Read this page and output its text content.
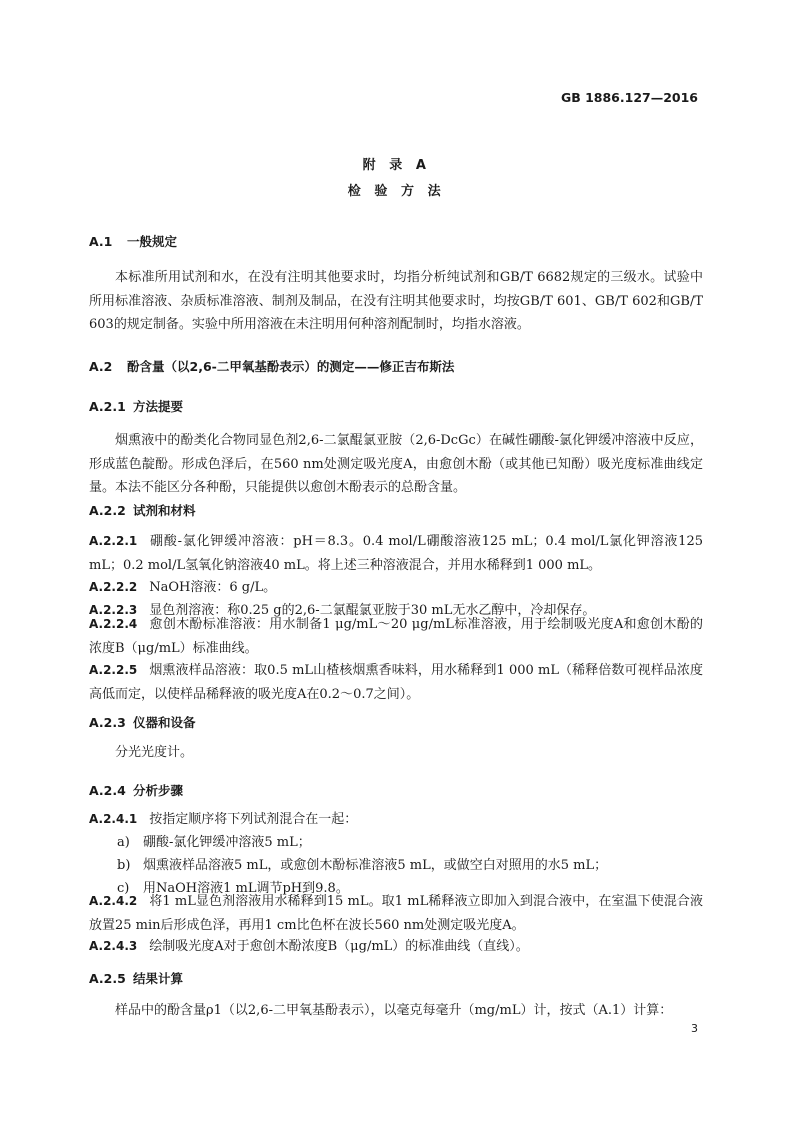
GB 1886.127—2016
附 录 A
检 验 方 法
A.1 一般规定
本标准所用试剂和水，在没有注明其他要求时，均指分析纯试剂和GB/T 6682规定的三级水。试验中所用标准溶液、杂质标准溶液、制剂及制品，在没有注明其他要求时，均按GB/T 601、GB/T 602和GB/T 603的规定制备。实验中所用溶液在未注明用何种溶剂配制时，均指水溶液。
A.2 酚含量（以2,6-二甲氧基酚表示）的测定——修正吉布斯法
A.2.1 方法提要
烟熏液中的酚类化合物同显色剂2,6-二氯醌氯亚胺（2,6-DcGc）在碱性硼酸-氯化钾缓冲溶液中反应，形成蓝色靛酚。形成色泽后，在560 nm处测定吸光度A，由愈创木酚（或其他已知酚）吸光度标准曲线定量。本法不能区分各种酚，只能提供以愈创木酚表示的总酚含量。
A.2.2 试剂和材料
A.2.2.1 硼酸-氯化钾缓冲溶液：pH＝8.3。0.4 mol/L硼酸溶液125 mL；0.4 mol/L氯化钾溶液125 mL；0.2 mol/L氢氧化钠溶液40 mL。将上述三种溶液混合，并用水稀释到1 000 mL。
A.2.2.2 NaOH溶液：6 g/L。
A.2.2.3 显色剂溶液：称0.25 g的2,6-二氯醌氯亚胺于30 mL无水乙醇中，冷却保存。
A.2.2.4 愈创木酚标准溶液：用水制备1 μg/mL～20 μg/mL标准溶液，用于绘制吸光度A和愈创木酚的浓度B（μg/mL）标准曲线。
A.2.2.5 烟熏液样品溶液：取0.5 mL山楂核烟熏香味料，用水稀释到1 000 mL（稀释倍数可视样品浓度高低而定，以使样品稀释液的吸光度A在0.2～0.7之间）。
A.2.3 仪器和设备
分光光度计。
A.2.4 分析步骤
A.2.4.1 按指定顺序将下列试剂混合在一起：
a) 硼酸-氯化钾缓冲溶液5 mL；
b) 烟熏液样品溶液5 mL，或愈创木酚标准溶液5 mL，或做空白对照用的水5 mL；
c) 用NaOH溶液1 mL调节pH到9.8。
A.2.4.2 将1 mL显色剂溶液用水稀释到15 mL。取1 mL稀释液立即加入到混合液中，在室温下使混合液放置25 min后形成色泽，再用1 cm比色杯在波长560 nm处测定吸光度A。
A.2.4.3 绘制吸光度A对于愈创木酚浓度B（μg/mL）的标准曲线（直线）。
A.2.5 结果计算
样品中的酚含量ρ1（以2,6-二甲氧基酚表示），以毫克每毫升（mg/mL）计，按式（A.1）计算：
3
